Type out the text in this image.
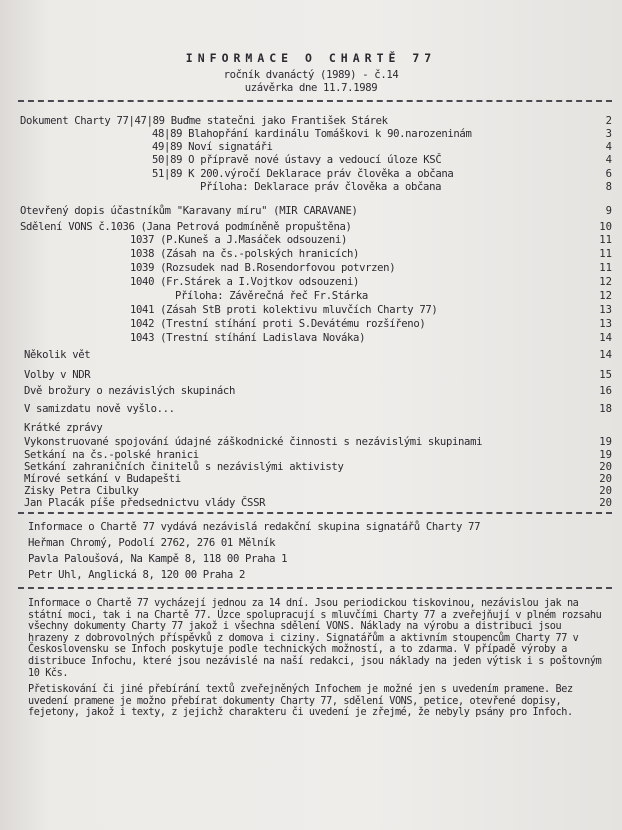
INFORMACE O CHARTĚ 77
ročník dvanáctý (1989) - č.14
uzávěrka dne 11.7.1989
Dokument Charty 77|47|89 Buďme statečni jako František Stárek	2
48|89 Blahopřání kardinálu Tomáškovi k 90.narozeninám	3
49|89 Noví signatáři	4
50|89 O přípravě nové ústavy a vedoucí úloze KSČ	4
51|89 K 200.výročí Deklarace práv člověka a občana	6
Příloha: Deklarace práv člověka a občana	8
Otevřený dopis účastníkům "Karavany míru" (MIR CARAVANE)	9
Sdělení VONS č.1036 (Jana Petrová podmíněně propuštěna)	10
1037 (P.Kuneš a J.Masáček odsouzeni)	11
1038 (Zásah na čs.-polských hranicích)	11
1039 (Rozsudek nad B.Rosendorfovou potvrzen)	11
1040 (Fr.Stárek a I.Vojtkov odsouzeni)	12
Příloha: Závěrečná řeč Fr.Stárka	12
1041 (Zásah StB proti kolektivu mluvčích Charty 77)	13
1042 (Trestní stíhání proti S.Devátému rozšířeno)	13
1043 (Trestní stíhání Ladislava Nováka)	14
Několik vět	14
Volby v NDR	15
Dvě brožury o nezávislých skupinách	16
V samizdatu nově vyšlo...	18
Krátké zprávy
Vykonstruované spojování údajné záškodnické činnosti s nezávislými skupinami	19
Setkání na čs.-polské hranici	19
Setkání zahraničních činitelů s nezávislými aktivisty	20
Mírové setkání v Budapešti	20
Zisky Petra Cibulky	20
Jan Placák píše předsednictvu vlády ČSSR	20
Informace o Chartě 77 vydává nezávislá redakční skupina signatářů Charty 77
Heřman Chromý, Podolí 2762, 276 01 Mělník
Pavla Paloušová, Na Kampě 8, 118 00 Praha 1
Petr Uhl, Anglická 8, 120 00 Praha 2
Informace o Chartě 77 vycházejí jednou za 14 dní. Jsou periodickou tiskovinou, nezávislou jak na státní moci, tak i na Chartě 77. Úzce spolupracují s mluvčími Charty 77 a zveřejňují v plném rozsahu všechny dokumenty Charty 77 jakož i všechna sdělení VONS. Náklady na výrobu a distribuci jsou hrazeny z dobrovolných příspěvků z domova i ciziny. Signatářům a aktivním stoupencům Charty 77 v Československu se Infoch poskytuje podle technických možností, a to zdarma. V případě výroby a distribuce Infochu, které jsou nezávislé na naší redakci, jsou náklady na jeden výtisk i s poštovným 10 Kčs.
Přetiskování či jiné přebírání textů zveřejněných Infochem je možné jen s uvedením pramene. Bez uvedení pramene je možno přebírat dokumenty Charty 77, sdělení VONS, petice, otevřené dopisy, fejetony, jakož i texty, z jejichž charakteru či uvedení je zřejmé, že nebyly psány pro Infoch.
